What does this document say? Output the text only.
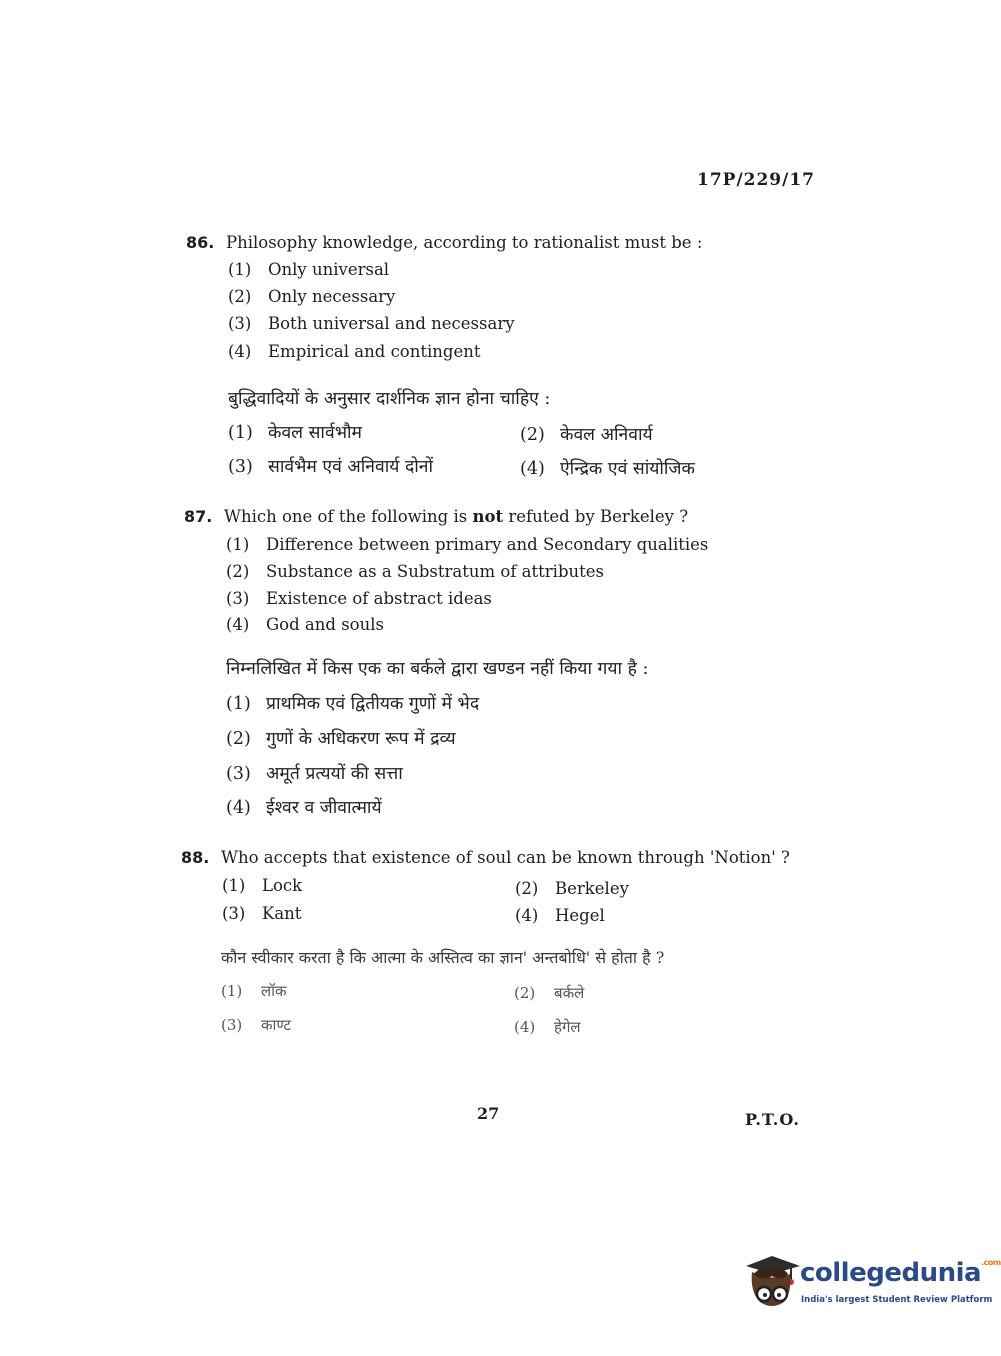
17P/229/17
86. Philosophy knowledge, according to rationalist must be :
(1) Only universal
(2) Only necessary
(3) Both universal and necessary
(4) Empirical and contingent
बुद्धिवादियों के अनुसार दार्शनिक ज्ञान होना चाहिए :
(1) केवल सार्वभौम	(2) केवल अनिवार्य
(3) सार्वभैम एवं अनिवार्य दोनों	(4) ऐन्द्रिक एवं सांयोजिक
87. Which one of the following is not refuted by Berkeley ?
(1) Difference between primary and Secondary qualities
(2) Substance as a Substratum of attributes
(3) Existence of abstract ideas
(4) God and souls
निम्नलिखित में किस एक का बर्कले द्वारा खण्डन नहीं किया गया है :
(1) प्राथमिक एवं द्वितीयक गुणों में भेद
(2) गुणों के अधिकरण रूप में द्रव्य
(3) अमूर्त प्रत्ययों की सत्ता
(4) ईश्वर व जीवात्मायें
88. Who accepts that existence of soul can be known through 'Notion' ?
(1) Lock	(2) Berkeley
(3) Kant	(4) Hegel
कौन स्वीकार करता है कि आत्मा के अस्तित्व का ज्ञान' अन्तबोधि' से होता है ?
(1) लॉक	(2) बर्कले
(3) काण्ट	(4) हेगेल
27	P.T.O.
collegedunia$^{.com}$
India's largest Student Review Platform
